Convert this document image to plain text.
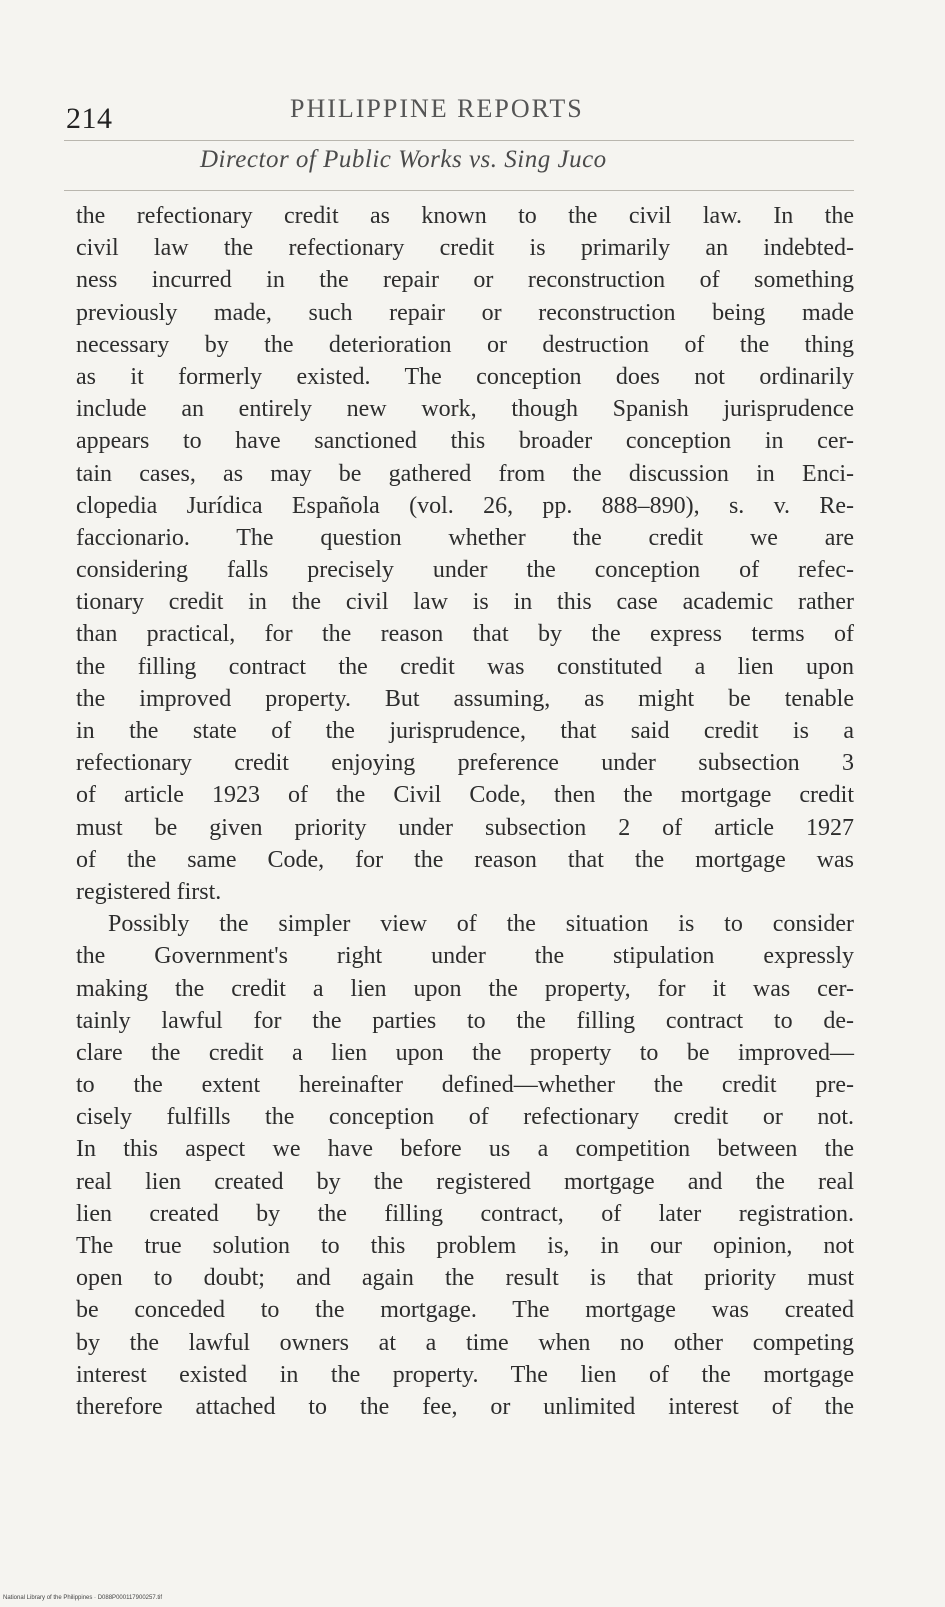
214	PHILIPPINE REPORTS
Director of Public Works vs. Sing Juco
the refectionary credit as known to the civil law. In the
civil law the refectionary credit is primarily an indebted-
ness incurred in the repair or reconstruction of something
previously made, such repair or reconstruction being made
necessary by the deterioration or destruction of the thing
as it formerly existed. The conception does not ordinarily
include an entirely new work, though Spanish jurisprudence
appears to have sanctioned this broader conception in cer-
tain cases, as may be gathered from the discussion in Enci-
clopedia Jurídica Española (vol. 26, pp. 888–890), s. v. Re-
faccionario. The question whether the credit we are
considering falls precisely under the conception of refec-
tionary credit in the civil law is in this case academic rather
than practical, for the reason that by the express terms of
the filling contract the credit was constituted a lien upon
the improved property. But assuming, as might be tenable
in the state of the jurisprudence, that said credit is a
refectionary credit enjoying preference under subsection 3
of article 1923 of the Civil Code, then the mortgage credit
must be given priority under subsection 2 of article 1927
of the same Code, for the reason that the mortgage was
registered first.
Possibly the simpler view of the situation is to consider
the Government's right under the stipulation expressly
making the credit a lien upon the property, for it was cer-
tainly lawful for the parties to the filling contract to de-
clare the credit a lien upon the property to be improved—
to the extent hereinafter defined—whether the credit pre-
cisely fulfills the conception of refectionary credit or not.
In this aspect we have before us a competition between the
real lien created by the registered mortgage and the real
lien created by the filling contract, of later registration.
The true solution to this problem is, in our opinion, not
open to doubt; and again the result is that priority must
be conceded to the mortgage. The mortgage was created
by the lawful owners at a time when no other competing
interest existed in the property. The lien of the mortgage
therefore attached to the fee, or unlimited interest of the
National Library of the Philippines · D088P000117900257.tif
